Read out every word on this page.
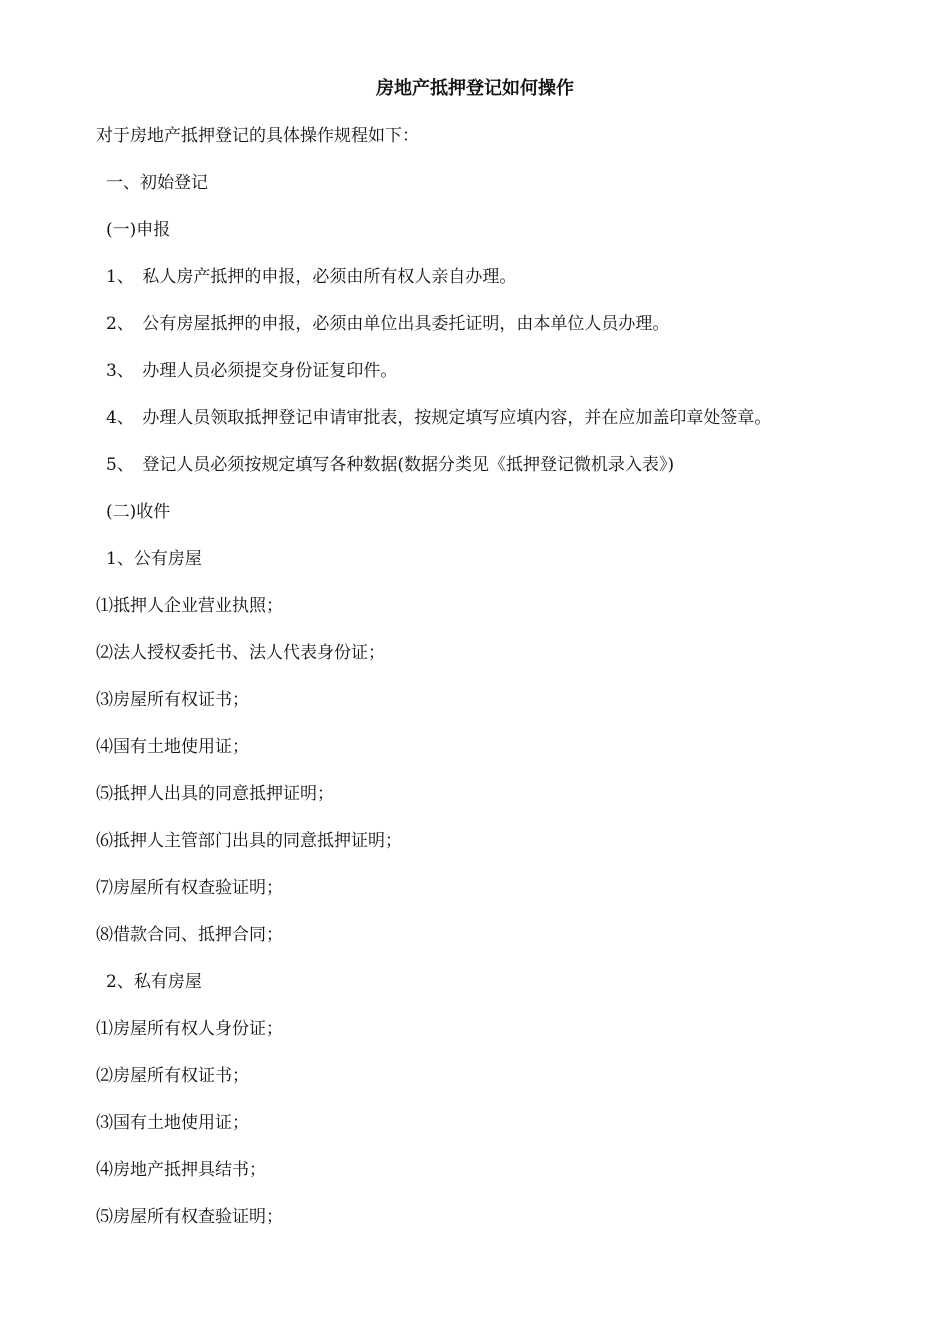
房地产抵押登记如何操作
对于房地产抵押登记的具体操作规程如下：
一、初始登记
(一)申报
1、　私人房产抵押的申报，必须由所有权人亲自办理。
2、　公有房屋抵押的申报，必须由单位出具委托证明，由本单位人员办理。
3、　办理人员必须提交身份证复印件。
4、　办理人员领取抵押登记申请审批表，按规定填写应填内容，并在应加盖印章处签章。
5、　登记人员必须按规定填写各种数据(数据分类见《抵押登记微机录入表》)
(二)收件
1、公有房屋
⑴抵押人企业营业执照；
⑵法人授权委托书、法人代表身份证；
⑶房屋所有权证书；
⑷国有土地使用证；
⑸抵押人出具的同意抵押证明；
⑹抵押人主管部门出具的同意抵押证明；
⑺房屋所有权查验证明；
⑻借款合同、抵押合同；
2、私有房屋
⑴房屋所有权人身份证；
⑵房屋所有权证书；
⑶国有土地使用证；
⑷房地产抵押具结书；
⑸房屋所有权查验证明；
